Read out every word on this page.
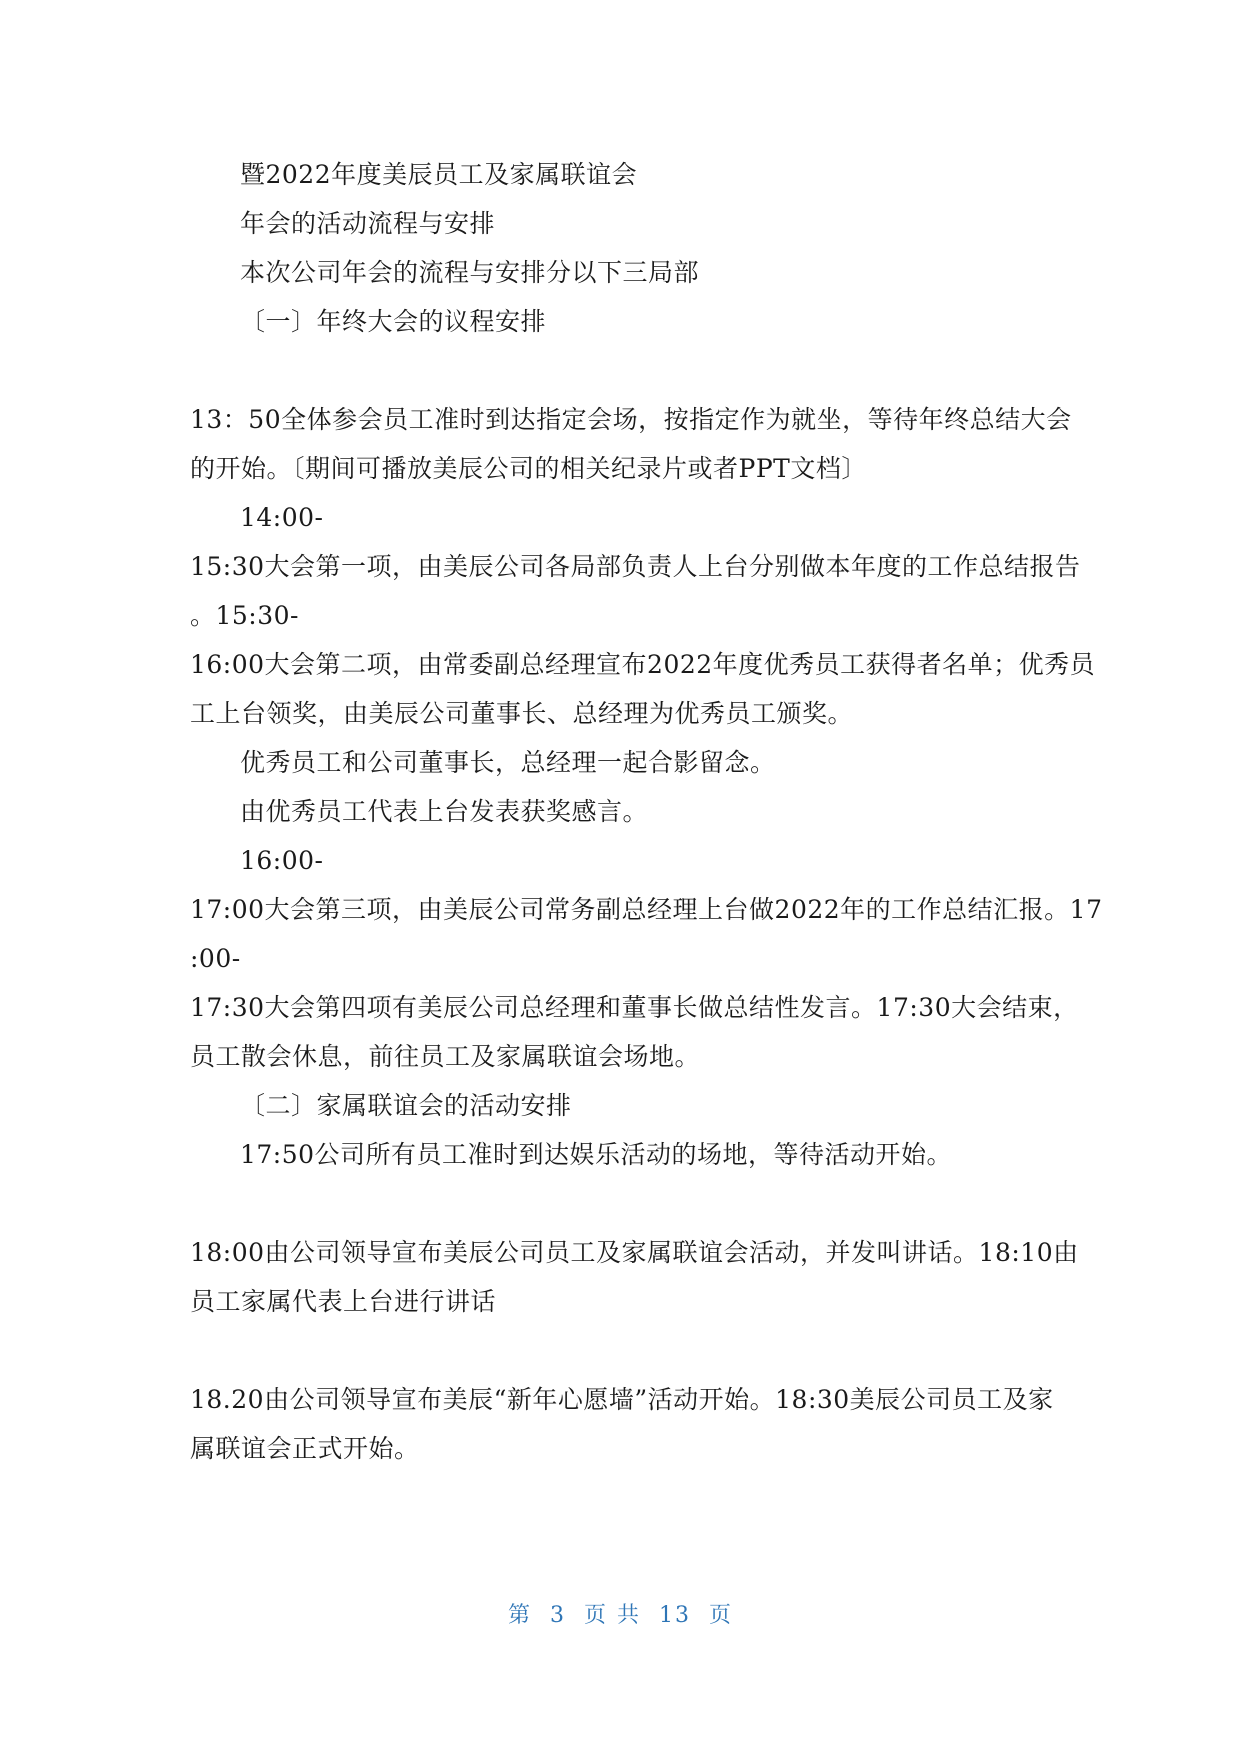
暨2022年度美辰员工及家属联谊会
年会的活动流程与安排
本次公司年会的流程与安排分以下三局部
〔一〕年终大会的议程安排
13：50全体参会员工准时到达指定会场，按指定作为就坐，等待年终总结大会
的开始。〔期间可播放美辰公司的相关纪录片或者PPT文档〕
14:00-
15:30大会第一项，由美辰公司各局部负责人上台分别做本年度的工作总结报告
。15:30-
16:00大会第二项，由常委副总经理宣布2022年度优秀员工获得者名单；优秀员
工上台领奖，由美辰公司董事长、总经理为优秀员工颁奖。
优秀员工和公司董事长，总经理一起合影留念。
由优秀员工代表上台发表获奖感言。
16:00-
17:00大会第三项，由美辰公司常务副总经理上台做2022年的工作总结汇报。17
:00-
17:30大会第四项有美辰公司总经理和董事长做总结性发言。17:30大会结束，
员工散会休息，前往员工及家属联谊会场地。
〔二〕家属联谊会的活动安排
17:50公司所有员工准时到达娱乐活动的场地，等待活动开始。
18:00由公司领导宣布美辰公司员工及家属联谊会活动，并发叫讲话。18:10由
员工家属代表上台进行讲话
18.20由公司领导宣布美辰“新年心愿墙”活动开始。18:30美辰公司员工及家
属联谊会正式开始。
第  3  页 共  13  页
